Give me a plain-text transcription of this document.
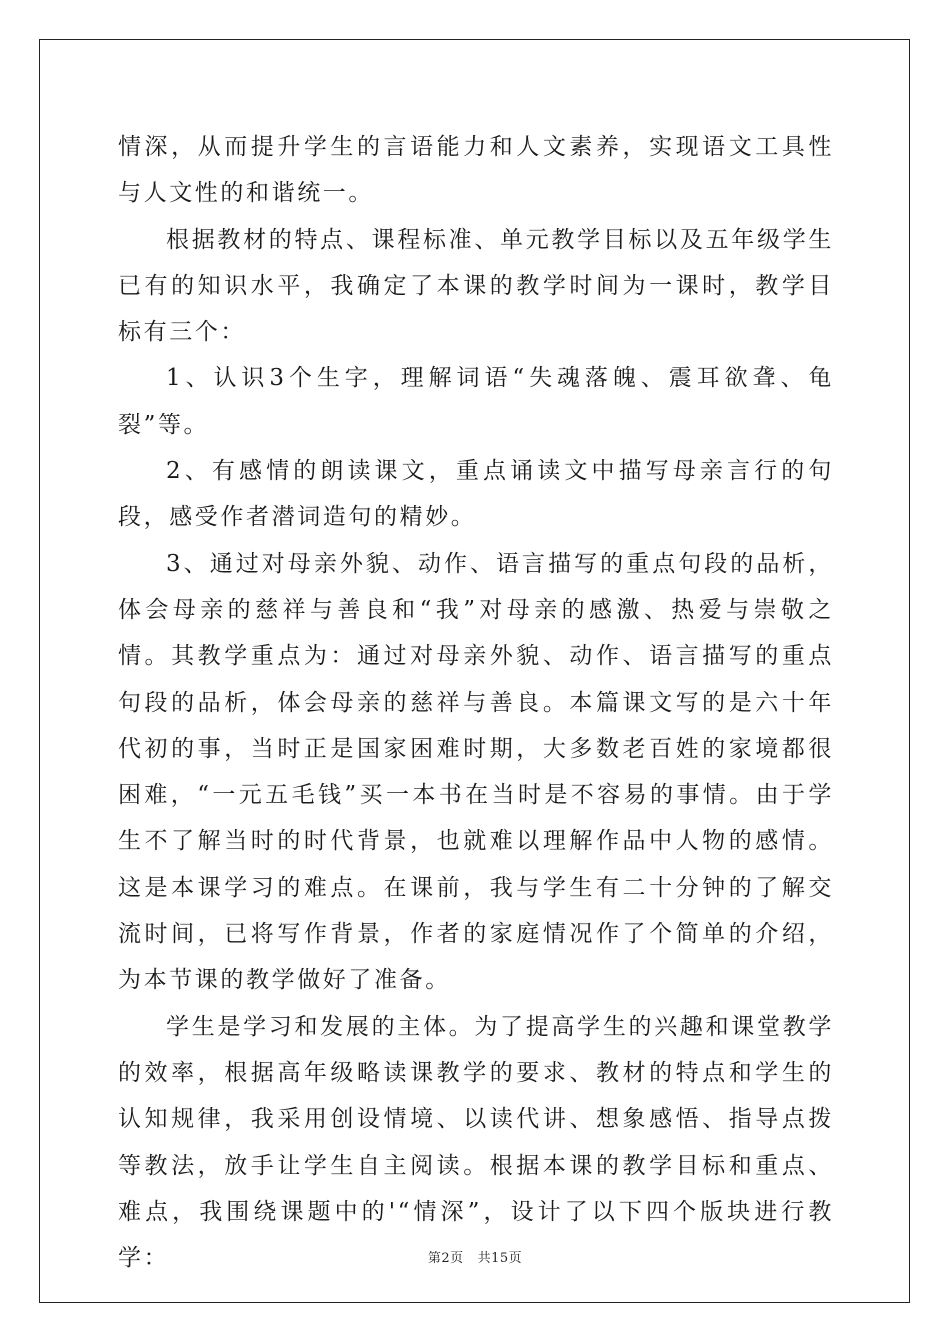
情深，从而提升学生的言语能力和人文素养，实现语文工具性与人文性的和谐统一。

根据教材的特点、课程标准、单元教学目标以及五年级学生已有的知识水平，我确定了本课的教学时间为一课时，教学目标有三个：

1、认识3个生字，理解词语“失魂落魄、震耳欲聋、龟裂”等。

2、有感情的朗读课文，重点诵读文中描写母亲言行的句段，感受作者潜词造句的精妙。

3、通过对母亲外貌、动作、语言描写的重点句段的品析，体会母亲的慈祥与善良和“我”对母亲的感激、热爱与崇敬之情。其教学重点为：通过对母亲外貌、动作、语言描写的重点句段的品析，体会母亲的慈祥与善良。本篇课文写的是六十年代初的事，当时正是国家困难时期，大多数老百姓的家境都很困难，“一元五毛钱”买一本书在当时是不容易的事情。由于学生不了解当时的时代背景，也就难以理解作品中人物的感情。这是本课学习的难点。在课前，我与学生有二十分钟的了解交流时间，已将写作背景，作者的家庭情况作了个简单的介绍，为本节课的教学做好了准备。

学生是学习和发展的主体。为了提高学生的兴趣和课堂教学的效率，根据高年级略读课教学的要求、教材的特点和学生的认知规律，我采用创设情境、以读代讲、想象感悟、指导点拨等教法，放手让学生自主阅读。根据本课的教学目标和重点、难点，我围绕课题中的'“情深”，设计了以下四个版块进行教学：	第2页 共15页
